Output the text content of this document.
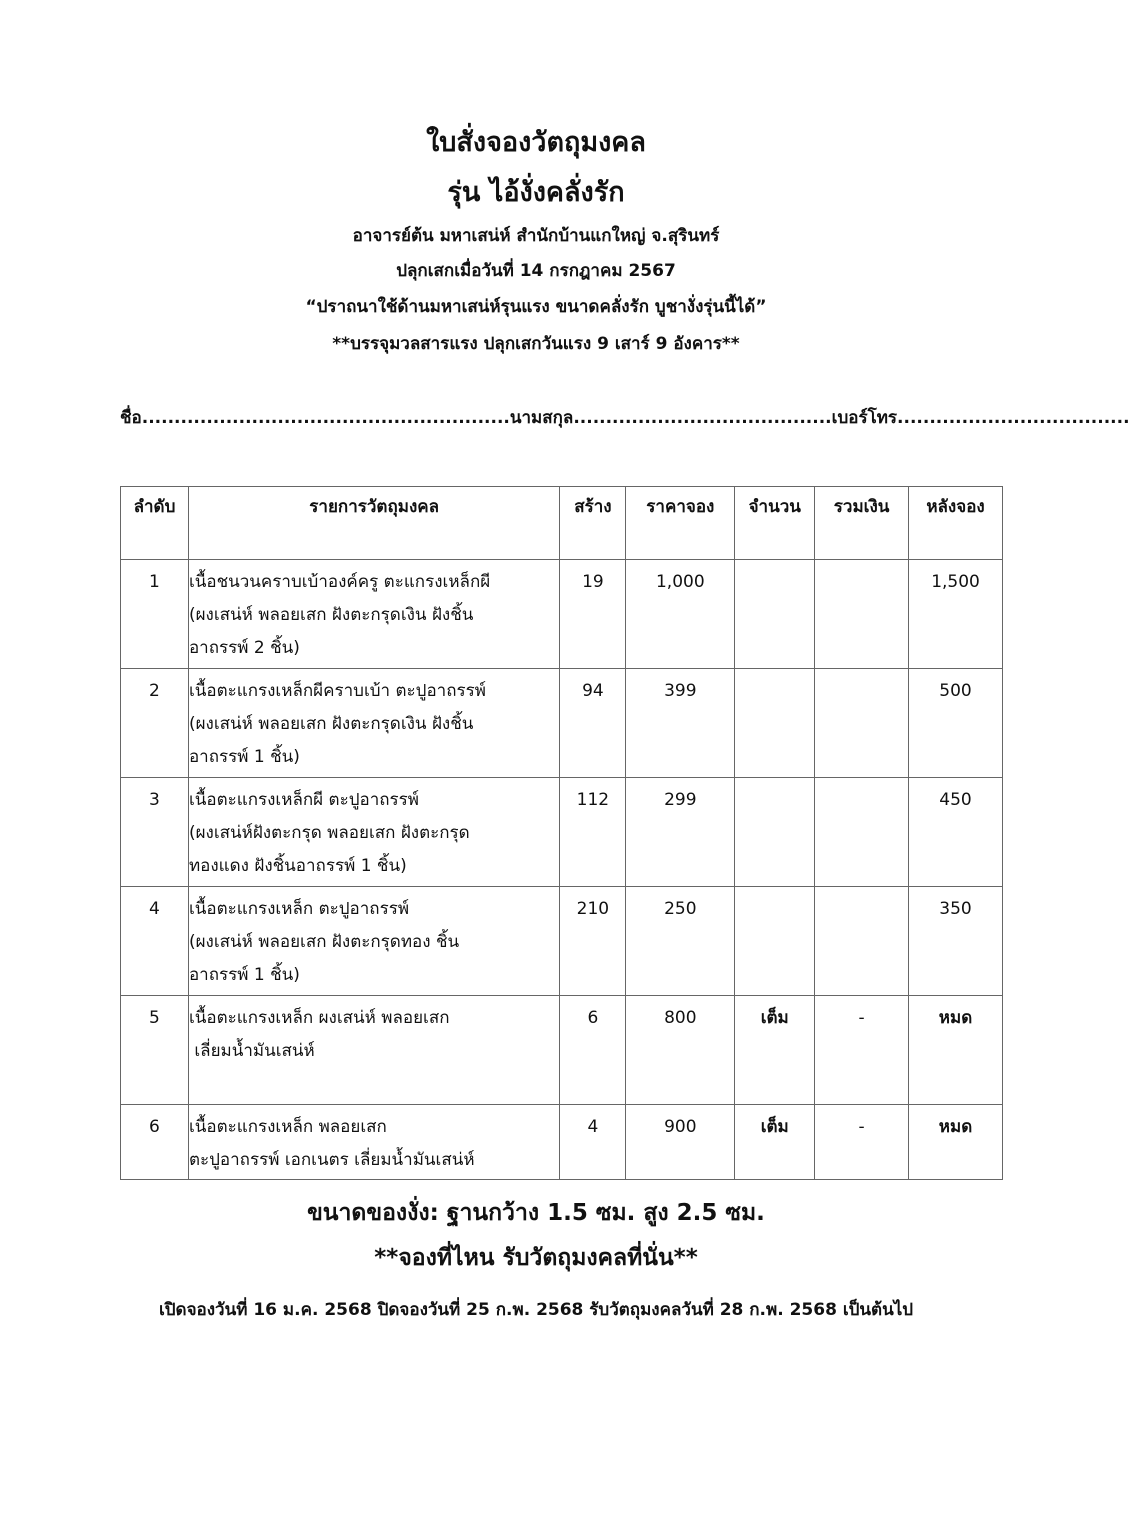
ใบสั่งจองวัตถุมงคล
รุ่น ไอ้งั่งคลั่งรัก

อาจารย์ต้น มหาเสน่ห์ สำนักบ้านแกใหญ่ จ.สุรินทร์

ปลุกเสกเมื่อวันที่ 14 กรกฎาคม 2567

“ปราถนาใช้ด้านมหาเสน่ห์รุนแรง ขนาดคลั่งรัก บูชางั่งรุ่นนี้ได้”

**บรรจุมวลสารแรง ปลุกเสกวันแรง 9 เสาร์ 9 อังคาร**

ชื่อ.........................................................นามสกุล........................................เบอร์โทร....................................
ลำดับ	รายการวัตถุมงคล	สร้าง	ราคาจอง	จำนวน	รวมเงิน	หลังจอง
1	เนื้อชนวนคราบเบ้าองค์ครู ตะแกรงเหล็กผี
(ผงเสน่ห์ พลอยเสก ฝังตะกรุดเงิน ฝังชิ้น
อาถรรพ์ 2 ชิ้น)	19	1,000			1,500
2	เนื้อตะแกรงเหล็กผีคราบเบ้า ตะปูอาถรรพ์
(ผงเสน่ห์ พลอยเสก ฝังตะกรุดเงิน ฝังชิ้น
อาถรรพ์ 1 ชิ้น)	94	399			500
3	เนื้อตะแกรงเหล็กผี ตะปูอาถรรพ์
(ผงเสน่ห์ฝังตะกรุด พลอยเสก ฝังตะกรุด
ทองแดง ฝังชิ้นอาถรรพ์ 1 ชิ้น)	112	299			450
4	เนื้อตะแกรงเหล็ก ตะปูอาถรรพ์
(ผงเสน่ห์ พลอยเสก ฝังตะกรุดทอง ชิ้น
อาถรรพ์ 1 ชิ้น)	210	250			350
5	เนื้อตะแกรงเหล็ก ผงเสน่ห์ พลอยเสก
เลี่ยมน้ำมันเสน่ห์	6	800	เต็ม	-	หมด
6	เนื้อตะแกรงเหล็ก พลอยเสก
ตะปูอาถรรพ์ เอกเนตร เลี่ยมน้ำมันเสน่ห์	4	900	เต็ม	-	หมด

ขนาดของงั่ง: ฐานกว้าง 1.5 ซม. สูง 2.5 ซม.

**จองที่ไหน รับวัตถุมงคลที่นั่น**

เปิดจองวันที่ 16 ม.ค. 2568 ปิดจองวันที่ 25 ก.พ. 2568 รับวัตถุมงคลวันที่ 28 ก.พ. 2568 เป็นต้นไป
